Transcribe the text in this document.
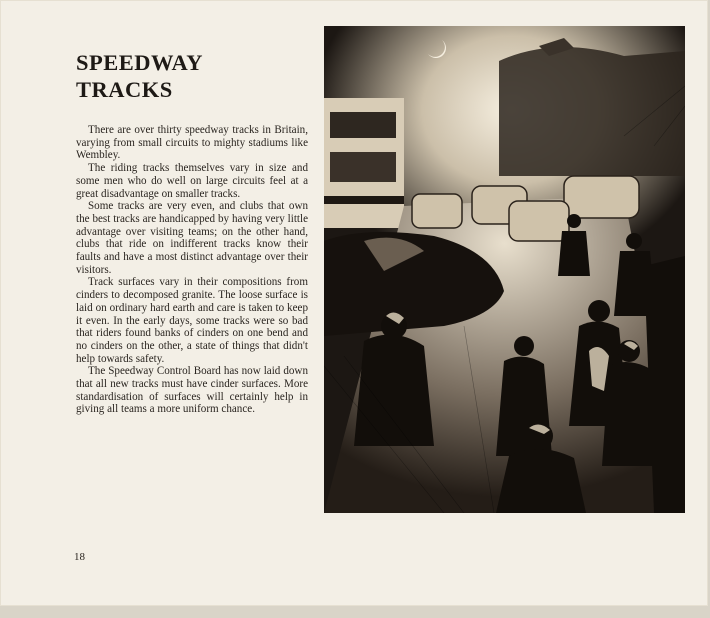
SPEEDWAY
TRACKS

There are over thirty speedway tracks in Britain, varying from small circuits to mighty stadiums like Wembley.

The riding tracks themselves vary in size and some men who do well on large circuits feel at a great disadvantage on smaller tracks.

Some tracks are very even, and clubs that own the best tracks are handicapped by having very little advantage over visiting teams; on the other hand, clubs that ride on indifferent tracks know their faults and have a most distinct advantage over their visitors.

Track surfaces vary in their compositions from cinders to decomposed granite. The loose surface is laid on ordinary hard earth and care is taken to keep it even. In the early days, some tracks were so bad that riders found banks of cinders on one bend and no cinders on the other, a state of things that didn't help towards safety.

The Speedway Control Board has now laid down that all new tracks must have cinder surfaces. More standardisation of surfaces will certainly help in giving all teams a more uniform chance.

18
